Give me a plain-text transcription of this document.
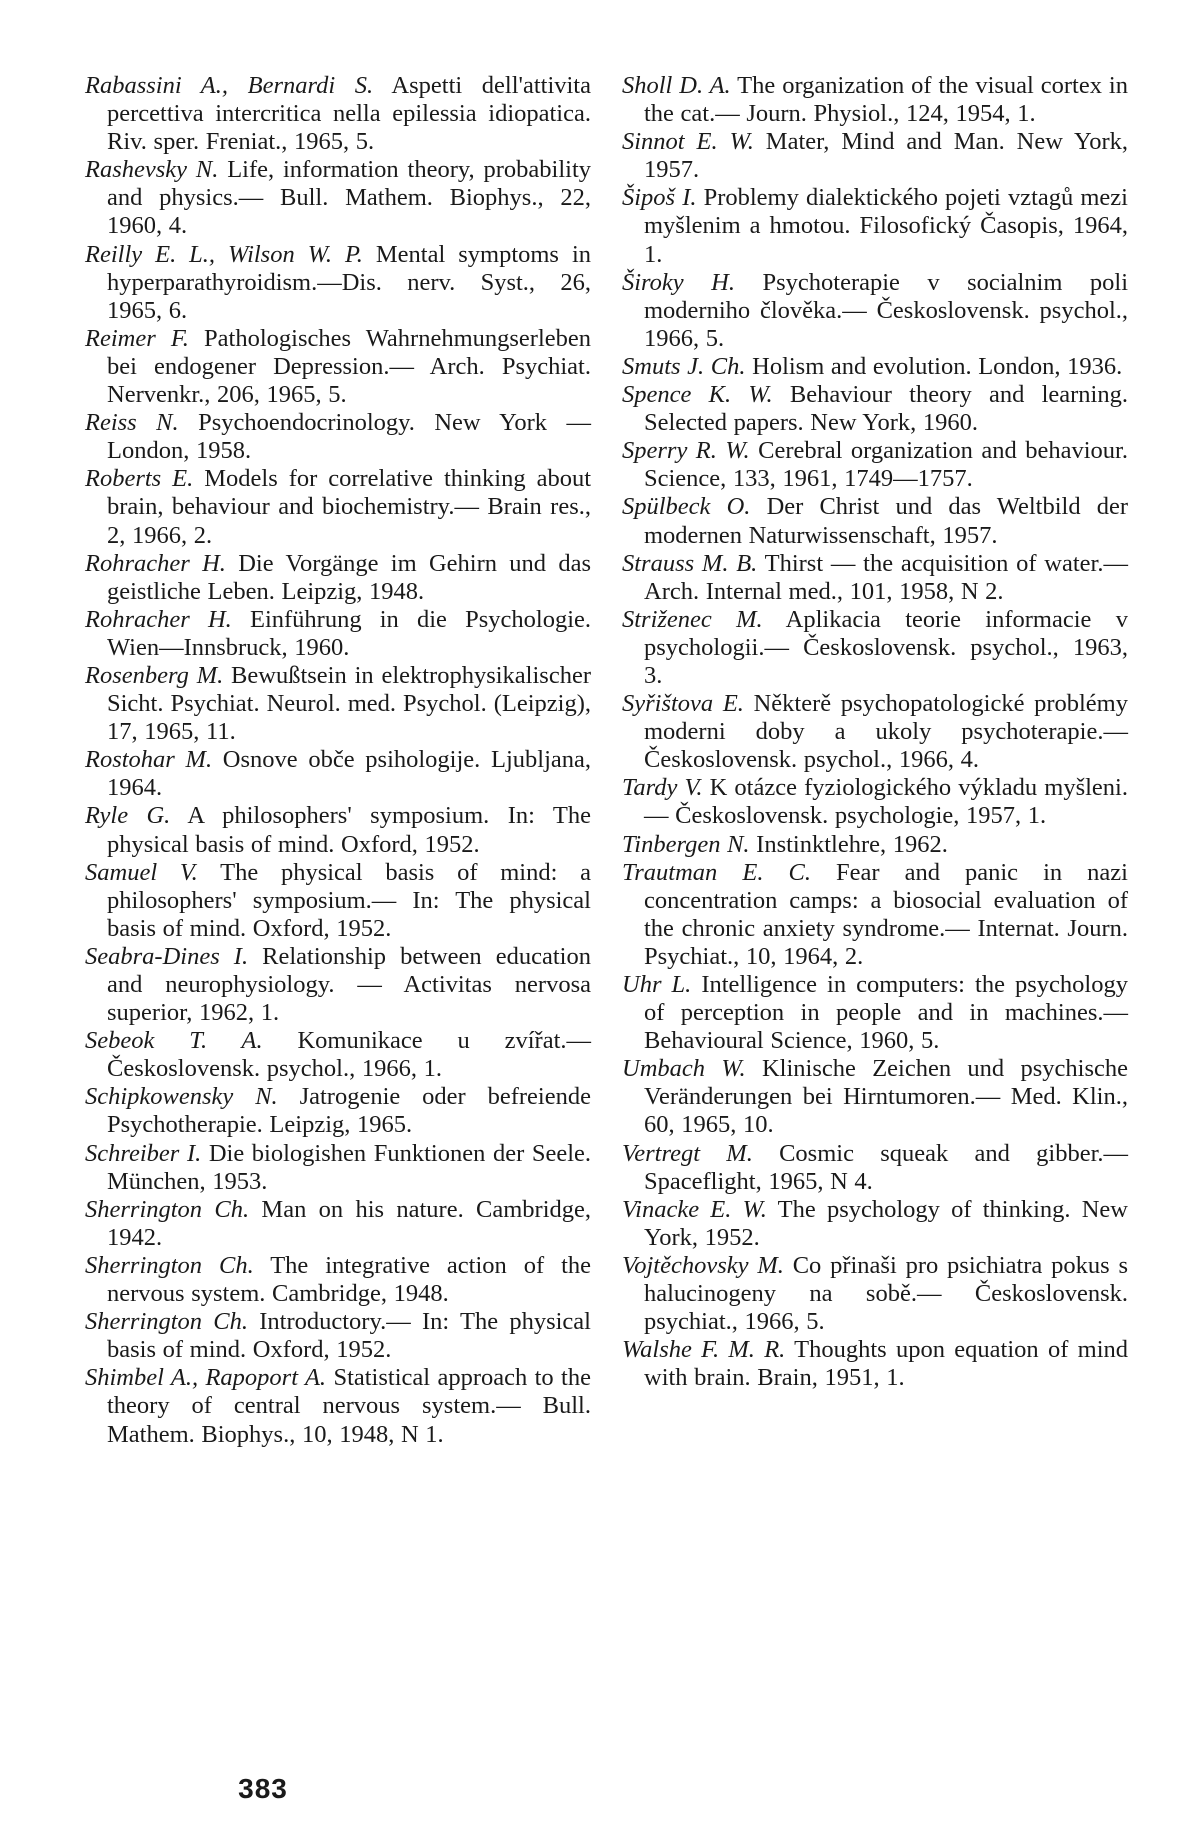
Rabassini A., Bernardi S. Aspetti dell'attivita percettiva intercritica nella epilessia idiopatica. Riv. sper. Freniat., 1965, 5.

Rashevsky N. Life, information theory, probability and physics.— Bull. Mathem. Biophys., 22, 1960, 4.

Reilly E. L., Wilson W. P. Mental symptoms in hyperparathyroidism.—Dis. nerv. Syst., 26, 1965, 6.

Reimer F. Pathologisches Wahrnehmungserleben bei endogener Depression.— Arch. Psychiat. Nervenkr., 206, 1965, 5.

Reiss N. Psychoendocrinology. New York — London, 1958.

Roberts E. Models for correlative thinking about brain, behaviour and biochemistry.— Brain res., 2, 1966, 2.

Rohracher H. Die Vorgänge im Gehirn und das geistliche Leben. Leipzig, 1948.

Rohracher H. Einführung in die Psychologie. Wien—Innsbruck, 1960.

Rosenberg M. Bewußtsein in elektrophysikalischer Sicht. Psychiat. Neurol. med. Psychol. (Leipzig), 17, 1965, 11.

Rostohar M. Osnove obče psihologije. Ljubljana, 1964.

Ryle G. A philosophers' symposium. In: The physical basis of mind. Oxford, 1952.

Samuel V. The physical basis of mind: a philosophers' symposium.— In: The physical basis of mind. Oxford, 1952.

Seabra-Dines I. Relationship between education and neurophysiology. — Activitas nervosa superior, 1962, 1.

Sebeok T. A. Komunikace u zvířat.— Československ. psychol., 1966, 1.

Schipkowensky N. Jatrogenie oder befreiende Psychotherapie. Leipzig, 1965.

Schreiber I. Die biologishen Funktionen der Seele. München, 1953.

Sherrington Ch. Man on his nature. Cambridge, 1942.

Sherrington Ch. The integrative action of the nervous system. Cambridge, 1948.

Sherrington Ch. Introductory.— In: The physical basis of mind. Oxford, 1952.

Shimbel A., Rapoport A. Statistical approach to the theory of central nervous system.— Bull. Mathem. Biophys., 10, 1948, N 1.

Sholl D. A. The organization of the visual cortex in the cat.— Journ. Physiol., 124, 1954, 1.

Sinnot E. W. Mater, Mind and Man. New York, 1957.

Šipoš I. Problemy dialektického pojeti vztagů mezi myšlenim a hmotou. Filosofický Časopis, 1964, 1.

Široky H. Psychoterapie v socialnim poli moderniho člověka.— Československ. psychol., 1966, 5.

Smuts J. Ch. Holism and evolution. London, 1936.

Spence K. W. Behaviour theory and learning. Selected papers. New York, 1960.

Sperry R. W. Cerebral organization and behaviour. Science, 133, 1961, 1749—1757.

Spülbeck O. Der Christ und das Weltbild der modernen Naturwissenschaft, 1957.

Strauss M. B. Thirst — the acquisition of water.— Arch. Internal med., 101, 1958, N 2.

Striženec M. Aplikacia teorie informacie v psychologii.— Československ. psychol., 1963, 3.

Syřištova E. Některě psychopatologické problémy moderni doby a ukoly psychoterapie.— Československ. psychol., 1966, 4.

Tardy V. K otázce fyziologického výkladu myšleni.— Československ. psychologie, 1957, 1.

Tinbergen N. Instinktlehre, 1962.

Trautman E. C. Fear and panic in nazi concentration camps: a biosocial evaluation of the chronic anxiety syndrome.— Internat. Journ. Psychiat., 10, 1964, 2.

Uhr L. Intelligence in computers: the psychology of perception in people and in machines.— Behavioural Science, 1960, 5.

Umbach W. Klinische Zeichen und psychische Veränderungen bei Hirntumoren.— Med. Klin., 60, 1965, 10.

Vertregt M. Cosmic squeak and gibber.— Spaceflight, 1965, N 4.

Vinacke E. W. The psychology of thinking. New York, 1952.

Vojtěchovsky M. Co přinaši pro psichiatra pokus s halucinogeny na sobě.— Československ. psychiat., 1966, 5.

Walshe F. M. R. Thoughts upon equation of mind with brain. Brain, 1951, 1.

383
